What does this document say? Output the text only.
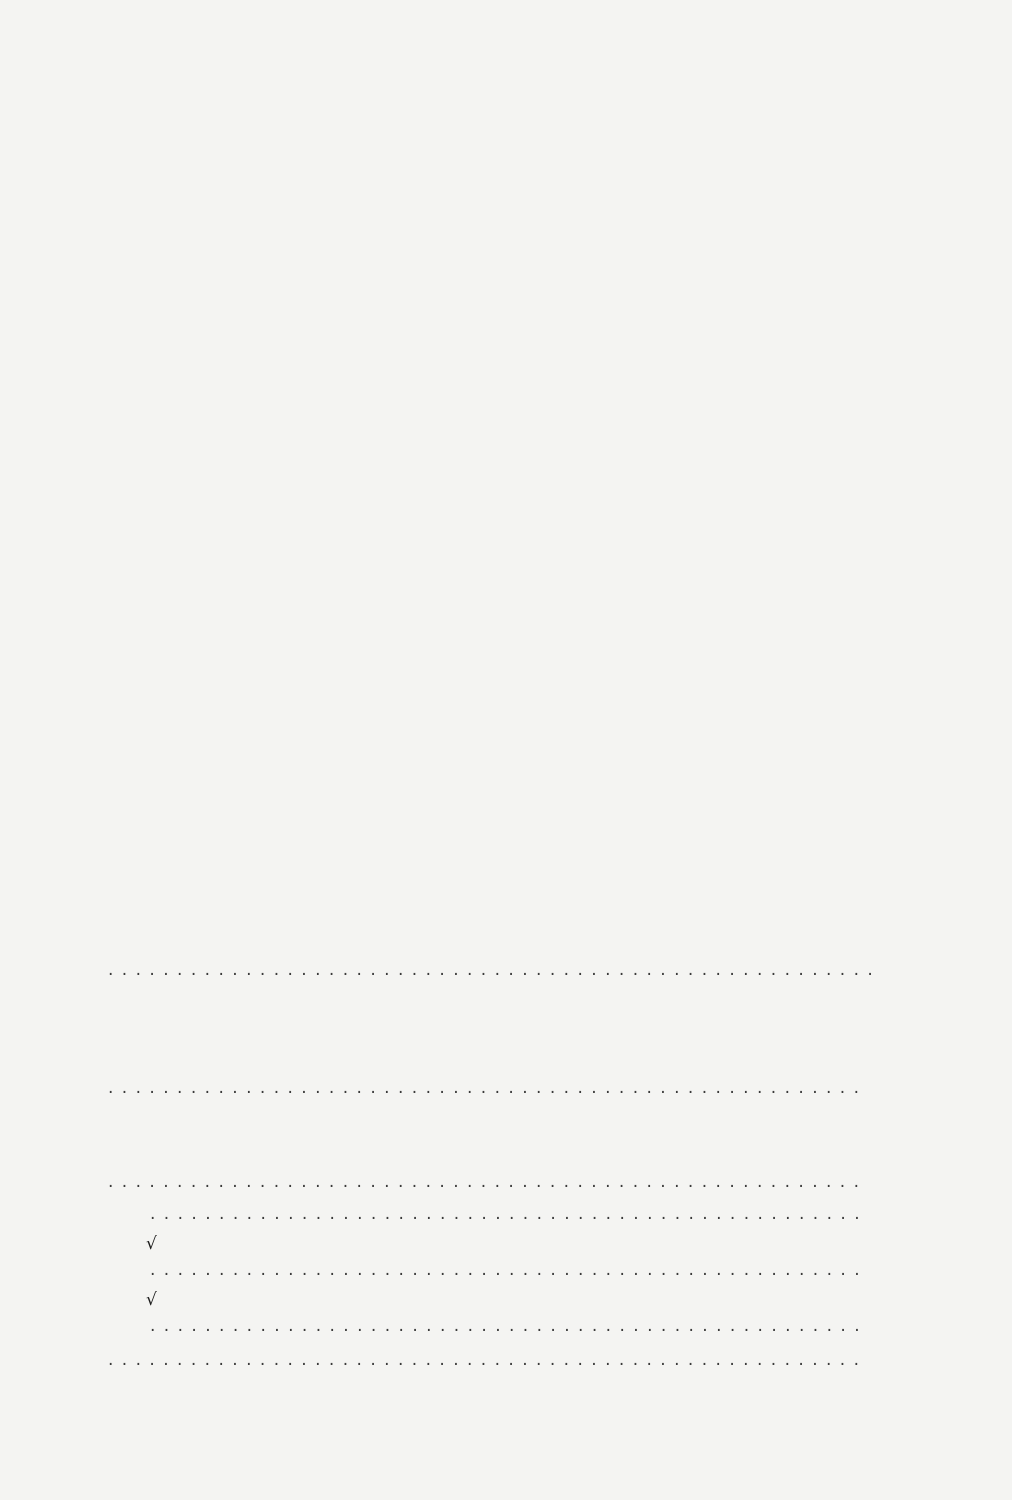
. . .
. . .
. . .
. . .
√
. . .
√
. . .
. . .
